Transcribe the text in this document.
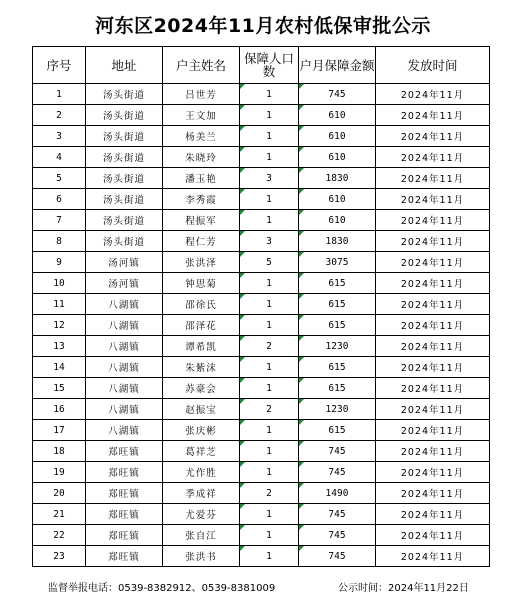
河东区2024年11月农村低保审批公示
序号	地址	户主姓名	保障人口数	户月保障金额	发放时间
1	汤头街道	吕世芳	1	745	2024年11月
2	汤头街道	王文加	1	610	2024年11月
3	汤头街道	杨美兰	1	610	2024年11月
4	汤头街道	朱晓玲	1	610	2024年11月
5	汤头街道	潘玉艳	3	1830	2024年11月
6	汤头街道	李秀霞	1	610	2024年11月
7	汤头街道	程振军	1	610	2024年11月
8	汤头街道	程仁芳	3	1830	2024年11月
9	汤河镇	张洪泽	5	3075	2024年11月
10	汤河镇	钟思菊	1	615	2024年11月
11	八湖镇	邵徐氏	1	615	2024年11月
12	八湖镇	邵泽花	1	615	2024年11月
13	八湖镇	谭希凯	2	1230	2024年11月
14	八湖镇	朱紫沫	1	615	2024年11月
15	八湖镇	苏豪会	1	615	2024年11月
16	八湖镇	赵振宝	2	1230	2024年11月
17	八湖镇	张庆彬	1	615	2024年11月
18	郑旺镇	葛祥芝	1	745	2024年11月
19	郑旺镇	尤作胜	1	745	2024年11月
20	郑旺镇	季成祥	2	1490	2024年11月
21	郑旺镇	尤爱芬	1	745	2024年11月
22	郑旺镇	张自江	1	745	2024年11月
23	郑旺镇	张洪书	1	745	2024年11月
监督举报电话：0539-8382912、0539-8381009	公示时间：2024年11月22日
